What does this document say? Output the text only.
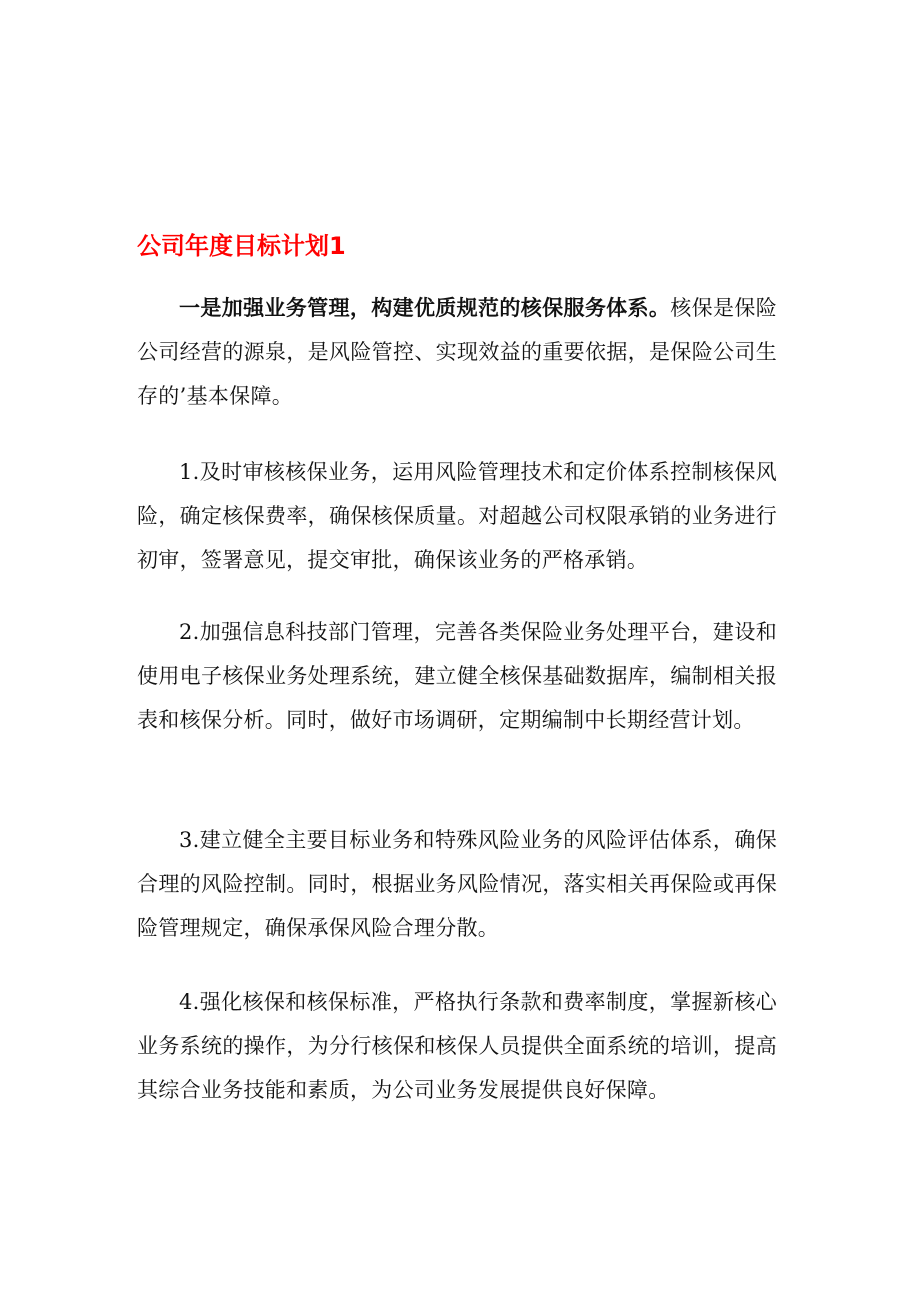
公司年度目标计划1

一是加强业务管理，构建优质规范的核保服务体系。核保是保险公司经营的源泉，是风险管控、实现效益的重要依据，是保险公司生存的’基本保障。

1.及时审核核保业务，运用风险管理技术和定价体系控制核保风险，确定核保费率，确保核保质量。对超越公司权限承销的业务进行初审，签署意见，提交审批，确保该业务的严格承销。

2.加强信息科技部门管理，完善各类保险业务处理平台，建设和使用电子核保业务处理系统，建立健全核保基础数据库，编制相关报表和核保分析。同时，做好市场调研，定期编制中长期经营计划。

3.建立健全主要目标业务和特殊风险业务的风险评估体系，确保合理的风险控制。同时，根据业务风险情况，落实相关再保险或再保险管理规定，确保承保风险合理分散。

4.强化核保和核保标准，严格执行条款和费率制度，掌握新核心业务系统的操作，为分行核保和核保人员提供全面系统的培训，提高其综合业务技能和素质，为公司业务发展提供良好保障。
